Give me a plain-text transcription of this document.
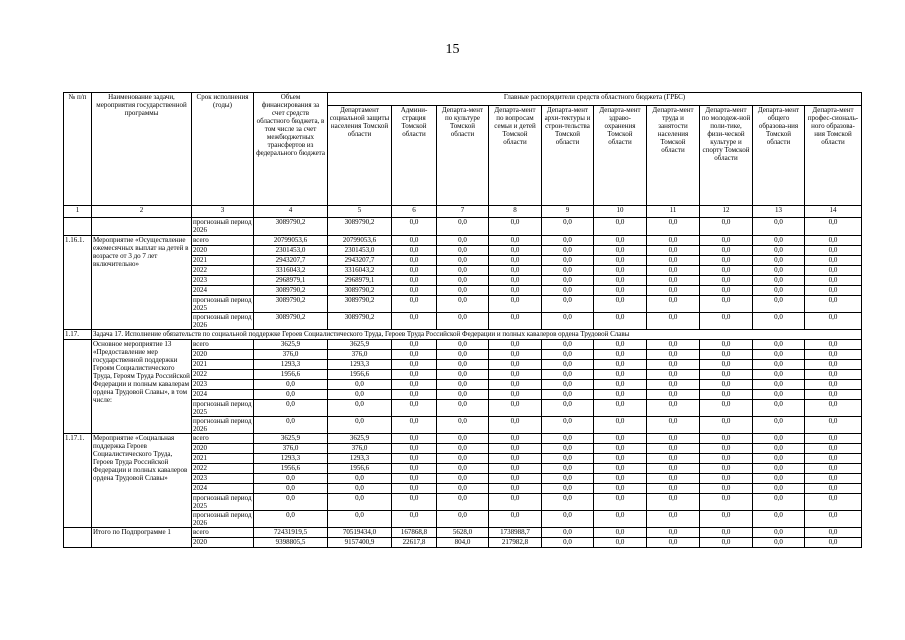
15
№ п/п	Наименование задачи, мероприятия государственной программы	Срок исполнения (годы)	Объем финансирования за счет средств областного бюджета, в том числе за счет межбюджетных трансфертов из федерального бюджета	Главные распорядители средств областного бюджета (ГРБС)									
				Департамент социальной защиты населения Томской области	Админи-страция Томской области	Департа-мент по культуре Томской области	Департа-мент по вопросам семьи и детей Томской области	Департа-мент архи-тектуры и строи-тельства Томской области	Департа-мент здраво-охранения Томской области	Департа-мент труда и занятости населения Томской области	Департа-мент по молодеж-ной поли-тике, физи-ческой культуре и спорту Томской области	Департа-мент общего образова-ния Томской области	Департа-мент профес-сиональ-ного образова-ния Томской области
1	2	3	4	5	6	7	8	9	10	11	12	13	14
		прогнозный период 2026	3089790,2	3089790,2	0,0	0,0	0,0	0,0	0,0	0,0	0,0	0,0	0,0
1.16.1.	Мероприятие «Осуществление ежемесячных выплат на детей в возрасте от 3 до 7 лет включительно»	всего	20799053,6	20799053,6	0,0	0,0	0,0	0,0	0,0	0,0	0,0	0,0	0,0
		2020	2301453,0	2301453,0	0,0	0,0	0,0	0,0	0,0	0,0	0,0	0,0	0,0
		2021	2943207,7	2943207,7	0,0	0,0	0,0	0,0	0,0	0,0	0,0	0,0	0,0
		2022	3316043,2	3316043,2	0,0	0,0	0,0	0,0	0,0	0,0	0,0	0,0	0,0
		2023	2968979,1	2968979,1	0,0	0,0	0,0	0,0	0,0	0,0	0,0	0,0	0,0
		2024	3089790,2	3089790,2	0,0	0,0	0,0	0,0	0,0	0,0	0,0	0,0	0,0
		прогнозный период 2025	3089790,2	3089790,2	0,0	0,0	0,0	0,0	0,0	0,0	0,0	0,0	0,0
		прогнозный период 2026	3089790,2	3089790,2	0,0	0,0	0,0	0,0	0,0	0,0	0,0	0,0	0,0
1.17.	Задача 17. Исполнение обязательств по социальной поддержке Героев Социалистического Труда, Героев Труда Российской Федерации и полных кавалеров ордена Трудовой Славы												
	Основное мероприятие 13 «Предоставление мер государственной поддержки Героям Социалистического Труда, Героям Труда Российской Федерации и полным кавалерам ордена Трудовой Славы», в том числе:	всего	3625,9	3625,9	0,0	0,0	0,0	0,0	0,0	0,0	0,0	0,0	0,0
		2020	376,0	376,0	0,0	0,0	0,0	0,0	0,0	0,0	0,0	0,0	0,0
		2021	1293,3	1293,3	0,0	0,0	0,0	0,0	0,0	0,0	0,0	0,0	0,0
		2022	1956,6	1956,6	0,0	0,0	0,0	0,0	0,0	0,0	0,0	0,0	0,0
		2023	0,0	0,0	0,0	0,0	0,0	0,0	0,0	0,0	0,0	0,0	0,0
		2024	0,0	0,0	0,0	0,0	0,0	0,0	0,0	0,0	0,0	0,0	0,0
		прогнозный период 2025	0,0	0,0	0,0	0,0	0,0	0,0	0,0	0,0	0,0	0,0	0,0
		прогнозный период 2026	0,0	0,0	0,0	0,0	0,0	0,0	0,0	0,0	0,0	0,0	0,0
1.17.1.	Мероприятие «Социальная поддержка Героев Социалистического Труда, Героев Труда Российской Федерации и полных кавалеров ордена Трудовой Славы»	всего	3625,9	3625,9	0,0	0,0	0,0	0,0	0,0	0,0	0,0	0,0	0,0
		2020	376,0	376,0	0,0	0,0	0,0	0,0	0,0	0,0	0,0	0,0	0,0
		2021	1293,3	1293,3	0,0	0,0	0,0	0,0	0,0	0,0	0,0	0,0	0,0
		2022	1956,6	1956,6	0,0	0,0	0,0	0,0	0,0	0,0	0,0	0,0	0,0
		2023	0,0	0,0	0,0	0,0	0,0	0,0	0,0	0,0	0,0	0,0	0,0
		2024	0,0	0,0	0,0	0,0	0,0	0,0	0,0	0,0	0,0	0,0	0,0
		прогнозный период 2025	0,0	0,0	0,0	0,0	0,0	0,0	0,0	0,0	0,0	0,0	0,0
		прогнозный период 2026	0,0	0,0	0,0	0,0	0,0	0,0	0,0	0,0	0,0	0,0	0,0
	Итого по Подпрограмме 1	всего	72431919,5	70519434,0	167868,8	5628,0	1738988,7	0,0	0,0	0,0	0,0	0,0	0,0
		2020	9398805,5	9157400,9	22617,8	804,0	217982,8	0,0	0,0	0,0	0,0	0,0	0,0
